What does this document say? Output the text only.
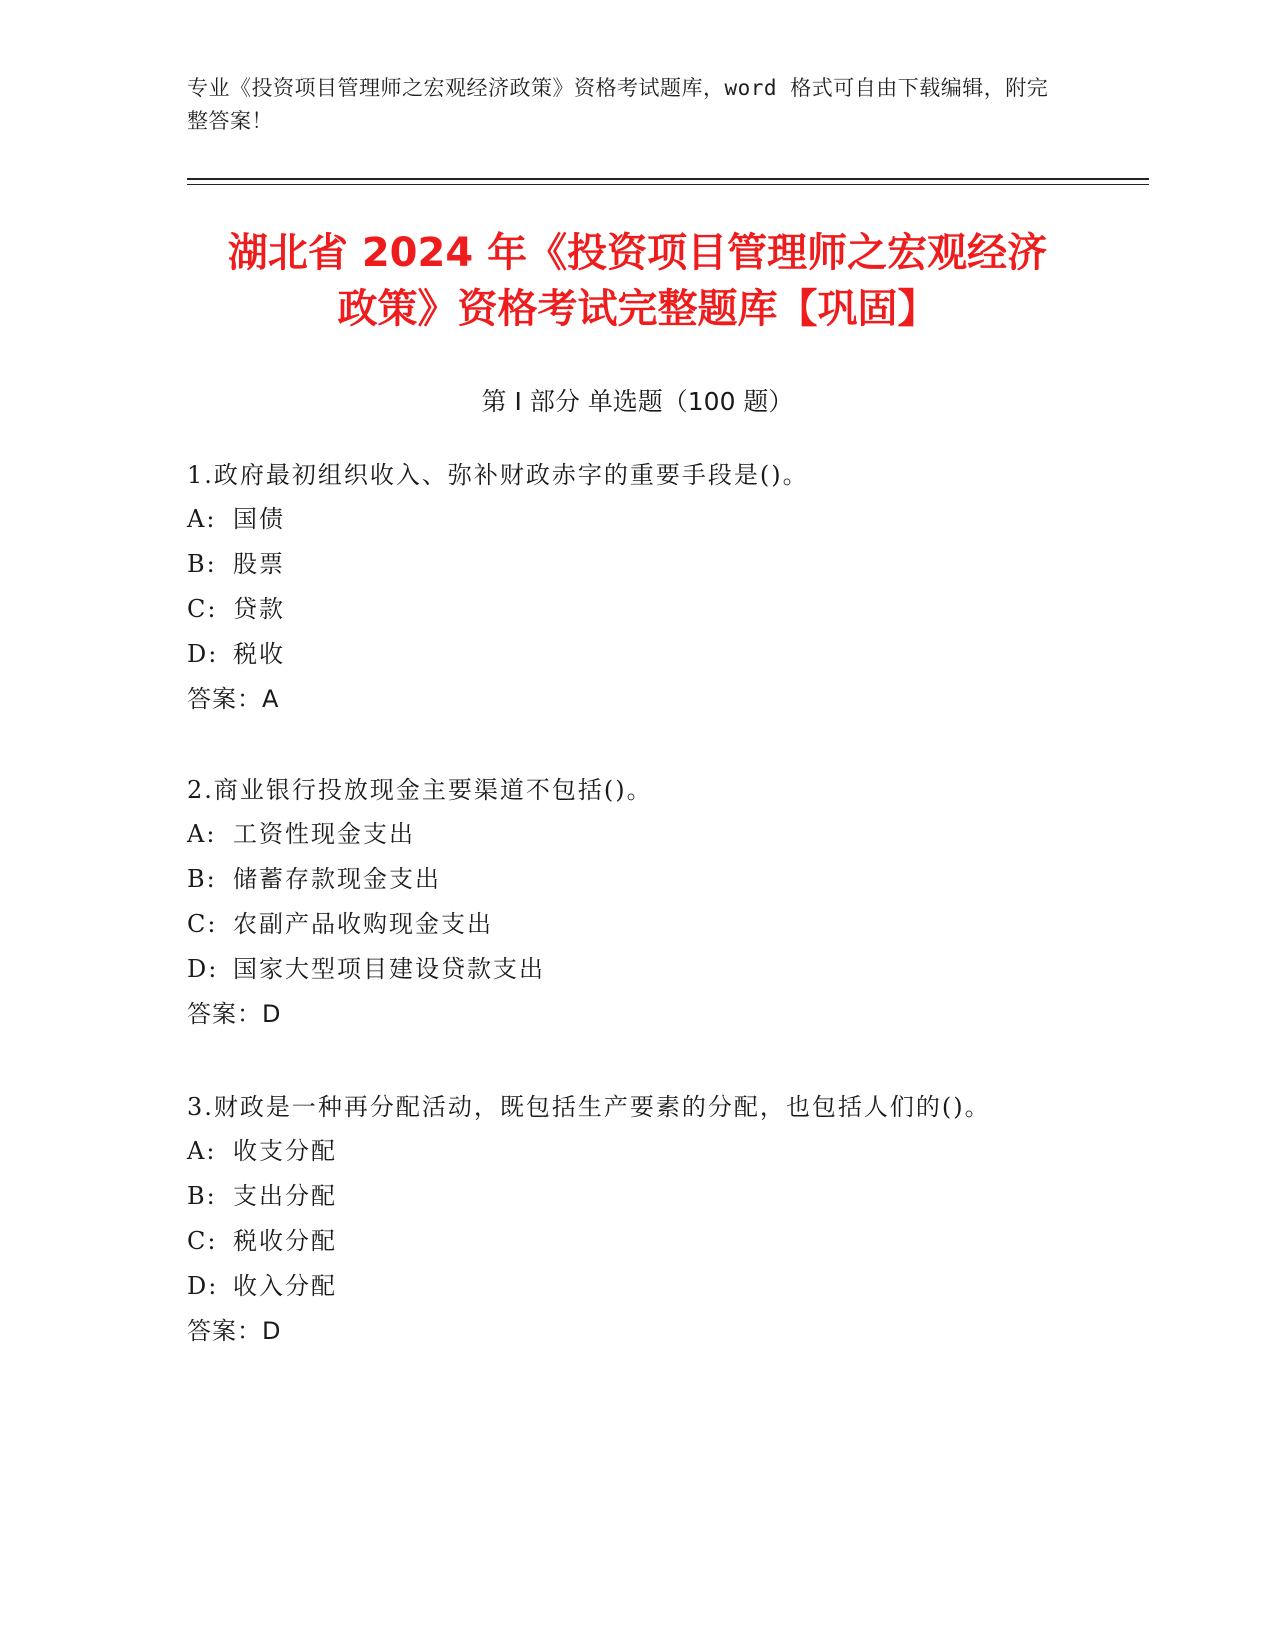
专业《投资项目管理师之宏观经济政策》资格考试题库，word 格式可自由下载编辑，附完整答案！
湖北省 2024 年《投资项目管理师之宏观经济
政策》资格考试完整题库【巩固】
第 I 部分 单选题（100 题）
1.政府最初组织收入、弥补财政赤字的重要手段是()。
A: 国债
B: 股票
C: 贷款
D: 税收
答案：A
2.商业银行投放现金主要渠道不包括()。
A: 工资性现金支出
B: 储蓄存款现金支出
C: 农副产品收购现金支出
D: 国家大型项目建设贷款支出
答案：D
3.财政是一种再分配活动，既包括生产要素的分配，也包括人们的()。
A: 收支分配
B: 支出分配
C: 税收分配
D: 收入分配
答案：D
